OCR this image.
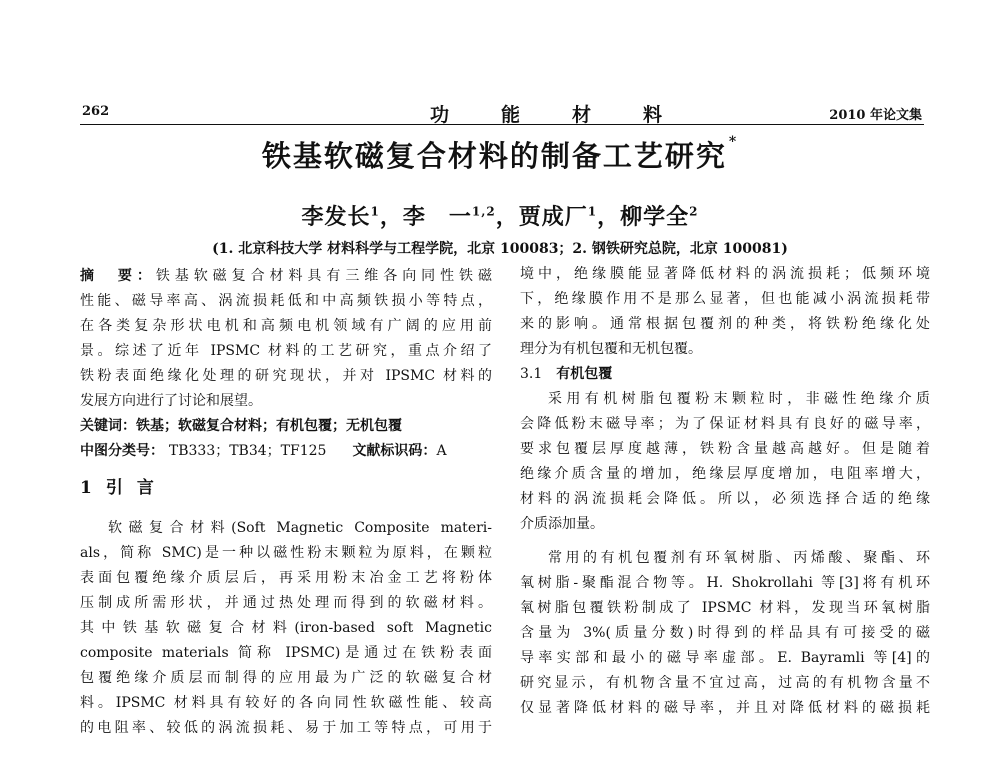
262	功能材料	2010 年论文集
铁基软磁复合材料的制备工艺研究 *
李发长$^1$，李　一$^{1,2}$，贾成厂$^1$，柳学全$^2$
(1. 北京科技大学 材料科学与工程学院，北京 100083；2. 钢铁研究总院，北京 100081)
摘　要：铁基软磁复合材料具有三维各向同性铁磁
性能、磁导率高、涡流损耗低和中高频铁损小等特点，
在各类复杂形状电机和高频电机领域有广阔的应用前
景。综述了近年 IPSMC 材料的工艺研究，重点介绍了
铁粉表面绝缘化处理的研究现状，并对 IPSMC 材料的
发展方向进行了讨论和展望。
关键词：铁基；软磁复合材料；有机包覆；无机包覆
中图分类号： TB333；TB34；TF125 文献标识码：A
1 引言
软磁复合材料(Soft Magnetic Composite materi-
als，简称 SMC)是一种以磁性粉末颗粒为原料，在颗粒
表面包覆绝缘介质层后，再采用粉末冶金工艺将粉体
压制成所需形状，并通过热处理而得到的软磁材料。
其中铁基软磁复合材料(iron-based soft Magnetic
composite materials 简称 IPSMC)是通过在铁粉表面
包覆绝缘介质层而制得的应用最为广泛的软磁复合材
料。IPSMC 材料具有较好的各向同性软磁性能、较高
的电阻率、较低的涡流损耗、易于加工等特点，可用于
境中，绝缘膜能显著降低材料的涡流损耗；低频环境
下，绝缘膜作用不是那么显著，但也能减小涡流损耗带
来的影响。通常根据包覆剂的种类，将铁粉绝缘化处
理分为有机包覆和无机包覆。
3.1 有机包覆
采用有机树脂包覆粉末颗粒时，非磁性绝缘介质
会降低粉末磁导率；为了保证材料具有良好的磁导率，
要求包覆层厚度越薄，铁粉含量越高越好。但是随着
绝缘介质含量的增加，绝缘层厚度增加，电阻率增大，
材料的涡流损耗会降低。所以，必须选择合适的绝缘
介质添加量。
常用的有机包覆剂有环氧树脂、丙烯酸、聚酯、环
氧树脂-聚酯混合物等。H. Shokrollahi 等[3]将有机环
氧树脂包覆铁粉制成了 IPSMC 材料，发现当环氧树脂
含量为 3%(质量分数)时得到的样品具有可接受的磁
导率实部和最小的磁导率虚部。E. Bayramli 等[4]的
研究显示，有机物含量不宜过高，过高的有机物含量不
仅显著降低材料的磁导率，并且对降低材料的磁损耗
